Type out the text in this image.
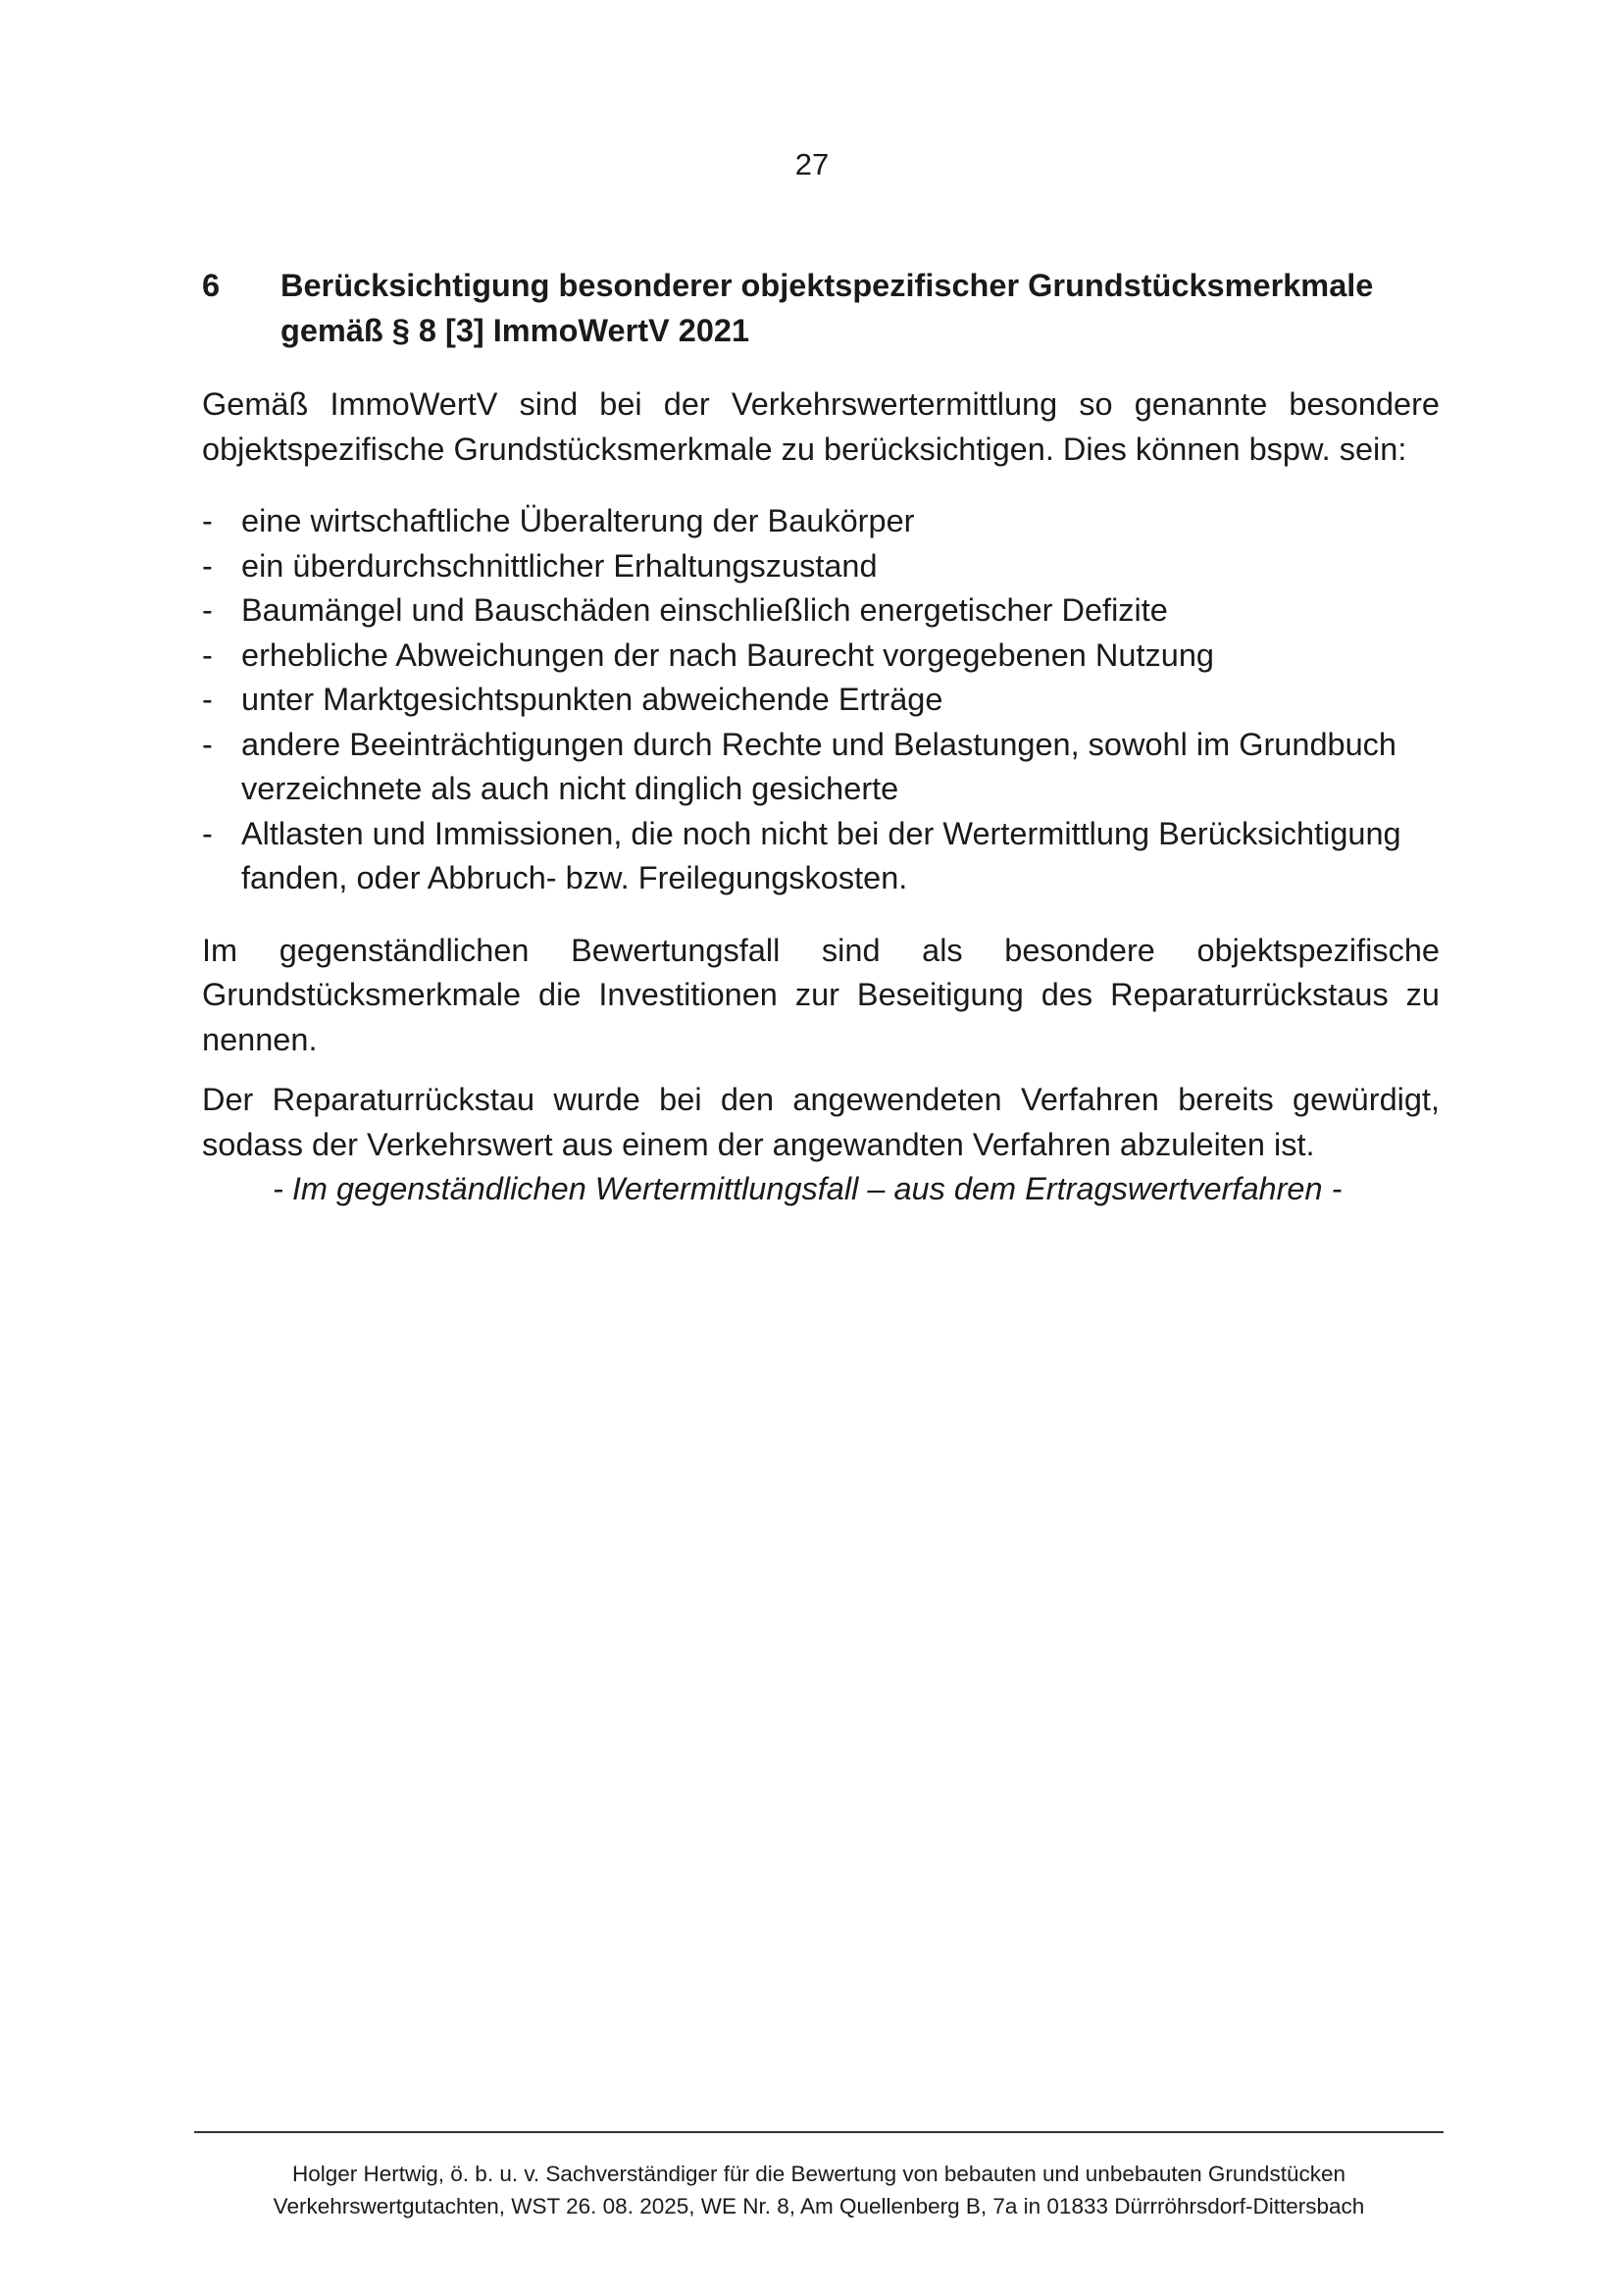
27
6 Berücksichtigung besonderer objektspezifischer Grundstücksmerkmale
gemäß § 8 [3] ImmoWertV 2021

Gemäß ImmoWertV sind bei der Verkehrswertermittlung so genannte besondere objektspezifische Grundstücksmerkmale zu berücksichtigen. Dies können bspw. sein:

- eine wirtschaftliche Überalterung der Baukörper
- ein überdurchschnittlicher Erhaltungszustand
- Baumängel und Bauschäden einschließlich energetischer Defizite
- erhebliche Abweichungen der nach Baurecht vorgegebenen Nutzung
- unter Marktgesichtspunkten abweichende Erträge
- andere Beeinträchtigungen durch Rechte und Belastungen, sowohl im Grundbuch verzeichnete als auch nicht dinglich gesicherte
- Altlasten und Immissionen, die noch nicht bei der Wertermittlung Berücksichtigung fanden, oder Abbruch- bzw. Freilegungskosten.

Im gegenständlichen Bewertungsfall sind als besondere objektspezifische Grundstücksmerkmale die Investitionen zur Beseitigung des Reparaturrückstaus zu nennen.

Der Reparaturrückstau wurde bei den angewendeten Verfahren bereits gewürdigt, sodass der Verkehrswert aus einem der angewandten Verfahren abzuleiten ist.

- Im gegenständlichen Wertermittlungsfall – aus dem Ertragswertverfahren -
Holger Hertwig, ö. b. u. v. Sachverständiger für die Bewertung von bebauten und unbebauten Grundstücken
Verkehrswertgutachten, WST 26. 08. 2025, WE Nr. 8, Am Quellenberg B, 7a in 01833 Dürrröhrsdorf-Dittersbach
